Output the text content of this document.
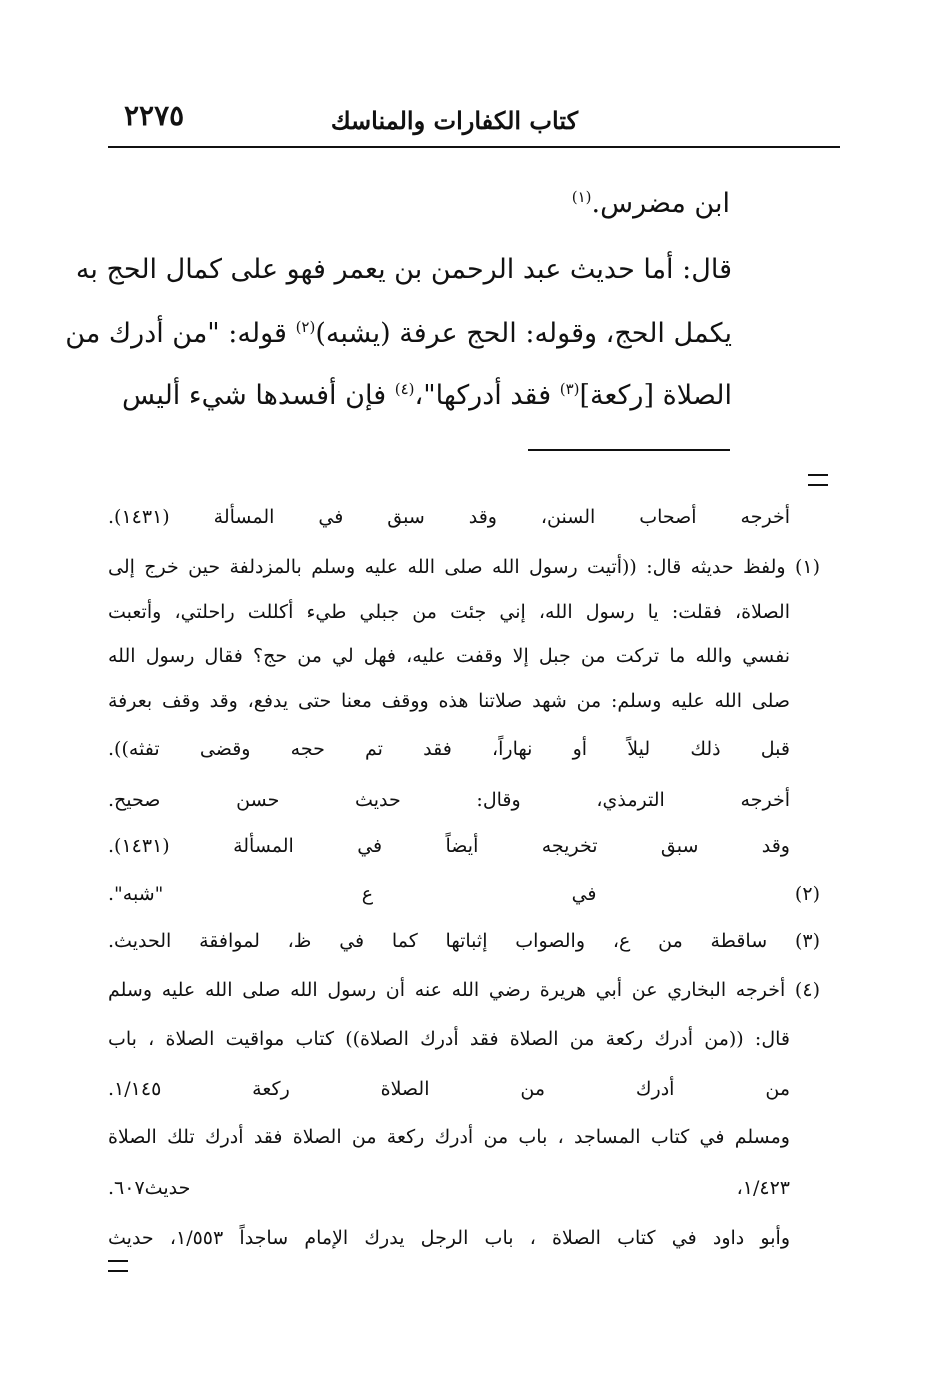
كتاب الكفارات والمناسك
٢٢٧٥
ابن مضرس.$^{(١)}$
قال: أما حديث عبد الرحمن بن يعمر فهو على كمال الحج به
يكمل الحج، وقوله: الحج عرفة (يشبه)$^{(٢)}$ قوله: "من أدرك من
الصلاة [ركعة]$^{(٣)}$ فقد أدركها"،$^{(٤)}$ فإن أفسدها شيء أليس
أخرجه أصحاب السنن، وقد سبق في المسألة (١٤٣١).
(١) ولفظ حديثه قال: ((أتيت رسول الله صلى الله عليه وسلم بالمزدلفة حين خرج إلى
الصلاة، فقلت: يا رسول الله، إني جئت من جبلي طيء أكللت راحلتي، وأتعبت
نفسي والله ما تركت من جبل إلا وقفت عليه، فهل لي من حج؟ فقال رسول الله
صلى الله عليه وسلم: من شهد صلاتنا هذه ووقف معنا حتى يدفع، وقد وقف بعرفة
قبل ذلك ليلاً أو نهاراً، فقد تم حجه وقضى تفثه)).
أخرجه الترمذي، وقال: حديث حسن صحيح.
وقد سبق تخريجه أيضاً في المسألة (١٤٣١).
(٢) في ع "شبه".
(٣) ساقطة من ع، والصواب إثباتها كما في ظ، لموافقة الحديث.
(٤) أخرجه البخاري عن أبي هريرة رضي الله عنه أن رسول الله صلى الله عليه وسلم
قال: ((من أدرك ركعة من الصلاة فقد أدرك الصلاة)) كتاب مواقيت الصلاة ، باب
من أدرك من الصلاة ركعة ١/١٤٥.
ومسلم في كتاب المساجد ، باب من أدرك ركعة من الصلاة فقد أدرك تلك الصلاة
١/٤٢٣، حديث٦٠٧.
وأبو داود في كتاب الصلاة ، باب الرجل يدرك الإمام ساجداً ١/٥٥٣، حديث
